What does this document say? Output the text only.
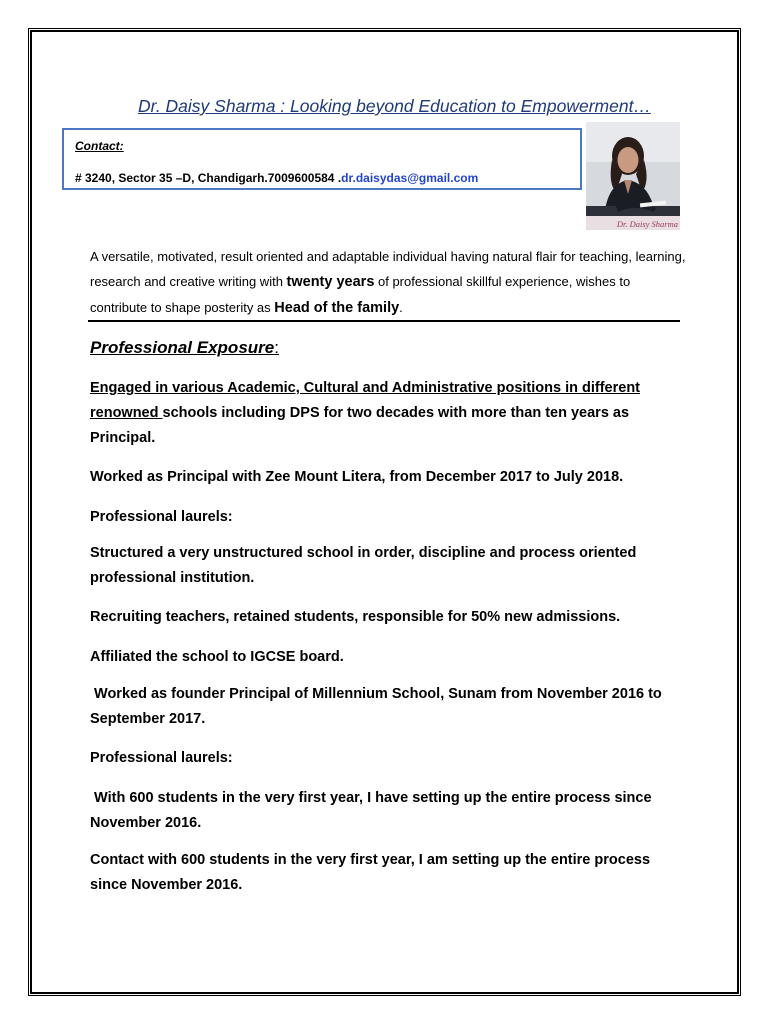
Dr. Daisy Sharma : Looking beyond Education to Empowerment…
Contact:
# 3240, Sector 35 –D, Chandigarh.7009600584 .dr.daisydas@gmail.com
Dr. Daisy Sharma
A versatile, motivated, result oriented and adaptable individual having natural flair for teaching, learning, research and creative writing with twenty years of professional skillful experience, wishes to contribute to shape posterity as Head of the family.
Professional Exposure:
Engaged in various Academic, Cultural and Administrative positions in different renowned schools including DPS for two decades with more than ten years as Principal.
Worked as Principal with Zee Mount Litera, from December 2017 to July 2018.
Professional laurels:
Structured a very unstructured school in order, discipline and process oriented professional institution.
Recruiting teachers, retained students, responsible for 50% new admissions.
Affiliated the school to IGCSE board.
Worked as founder Principal of Millennium School, Sunam from November 2016 to September 2017.
Professional laurels:
With 600 students in the very first year, I have setting up the entire process since November 2016.
Contact with 600 students in the very first year, I am setting up the entire process since November 2016.
